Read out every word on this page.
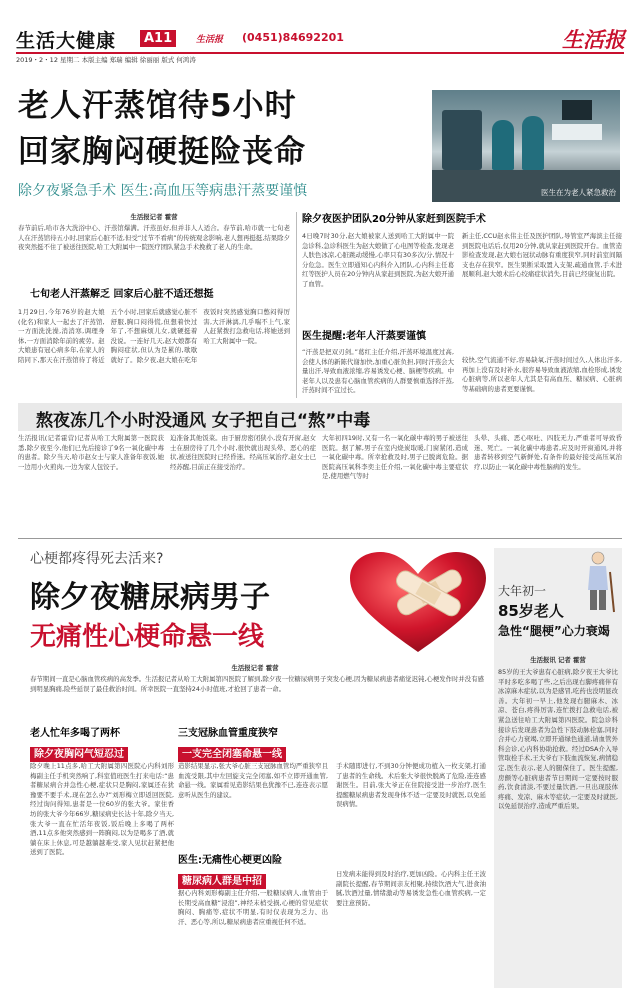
生活大健康	A11	生活报 (0451)84692201	生活报
2019・2・12 星期二 本版主编 郑瑞 编辑 徐丽丽 版式 何鸿涛
老人汗蒸馆待5小时
回家胸闷硬挺险丧命
除夕夜紧急手术 医生:高血压等病患汗蒸要谨慎	医生在为老人紧急救治
生活报记者 霍营
春节前后,哈市各大洗浴中心、汗蒸馆爆满。汗蒸虽好,但并非人人适合。春节前,哈市就一七旬老人在汗蒸馆待五小时,回家后心脏不适,但受“过节不看病”的传统观念影响,老人想再挺挺,结果除夕夜突然挺不住了被送往医院,哈工大附属中一院医疗团队紧急手术挽救了老人的生命。
七旬老人汗蒸解乏 回家后心脏不适还想挺
1月29日,今年76岁的赵大娘(化名)和家人一起去了汗蒸馆,一方面洗洗澡,消消寒,调理身体,一方面消除年前的疲劳。赵大娘患有冠心病多年,在家人的陪同下,那天在汗蒸馆待了将近五个小时,回家后就感觉心脏不舒服,胸口闷得慌,但想着快过年了,不想麻烦儿女,就硬挺着没说。一连好几天,赵大娘都有胸闷症状,但认为是累的,歇歇就好了。除夕夜,赵大娘在吃年夜饭时突然感觉胸口憋闷得厉害,大汗淋漓,几乎喘不上气,家人赶紧拨打急救电话,将她送到哈工大附属中一院。
除夕夜医护团队20分钟从家赶到医院手术
4日晚7时30分,赵大娘被家人送到哈工大附属中一院急诊科,急诊科医生为赵大娘做了心电图等检查,发现老人肤色冰凉,心脏跳动缓慢,心率只有30多次/分,情况十分危急。医生立即通知心内科介入团队,心内科主任葛红等医护人员在20分钟内从家赶到医院,为赵大娘开通了血管。
新主任,CCU赵永伟主任及医护团队,导管室严海滨主任接到医院电话后,仅用20分钟,就从家赶到医院开台。血管造影检查发现,赵大娘右冠状动脉有重度狭窄,同时前室间隔支也存在狭窄。医生果断采取置入支架,疏通血管,手术进展顺利,赵大娘术后心绞痛症状消失,目前已经康复出院。
医生提醒:老年人汗蒸要谨慎
“汗蒸是把双刃剑。”葛红主任介绍,汗蒸环境温度过高,会使人体的新陈代谢加快,加重心脏负担,同时汗蒸会大量出汗,导致血液浓缩,容易诱发心梗、脑梗等疾病。中老年人以及患有心脑血管疾病的人群要慎重选择汗蒸,汗蒸时间不宜过长。
较快,空气流通不好,容易缺氧,汗蒸时间过久,人体出汗多,再加上没有及时补水,很容易导致血液浓缩,血栓形成,诱发心脏病等,所以老年人尤其是有高血压、糖尿病、心脏病等基础病的患者更要谨慎。
熬夜冻几个小时没通风 女子把自己“熬”中毒
生活报讯(记者霍营)记者从哈工大附属第一医院获悉,除夕夜至今,他们已先后接诊了9名一氧化碳中毒的患者。除夕当天,哈市赵女士与家人准备年夜饭,她一边用小火煎肉,一边为家人包饺子。
迫准备其他饭菜。由于厨房密闭狭小,没有开窗,赵女士在厨房待了几个小时,很快就出现头晕、恶心的症状,被送往医院时已经昏迷。经高压氧治疗,赵女士已经苏醒,目前正在接受治疗。
大年初四19时,又有一名一氧化碳中毒的男子被送往医院。据了解,男子在室内烧炭取暖,门窗紧闭,造成一氧化碳中毒。所幸抢救及时,男子已脱离危险。据医院高压氧科李奕主任介绍,一氧化碳中毒主要症状是,使用燃气等时
头晕、头痛、恶心呕吐、四肢无力,严重者可导致昏迷、死亡。一氧化碳中毒患者,应及时开窗通风,并将患者转移到空气新鲜处,有条件的最好接受高压氧治疗,以防止一氧化碳中毒性脑病的发生。
心梗都疼得死去活来?
除夕夜糖尿病男子
无痛性心梗命悬一线
大年初一
85岁老人
急性“腿梗”心力衰竭
生活报讯 记者 霍营
85岁的王大爷患有心脏病,除夕夜王大爷比平时多吃多喝了些,之后出现右脚疼痛伴有冰凉麻木症状,以为是感冒,吃药也没明显改善。大年初一早上,他发现右腿麻木、冰凉、苍白,疼得厉害,连忙拨打急救电话,被紧急送往哈工大附属第四医院。院急诊科接诊后发现患者为急性下肢动脉栓塞,同时合并心力衰竭,立即开通绿色通道,请血管外科会诊,心内科协助抢救。经过DSA介入导管取栓手术,王大爷右下肢血流恢复,病情稳定,医生表示,老人的腿保住了。医生提醒,房颤等心脏病患者节日期间一定要按时服药,饮食清淡,不要过量饮酒,一旦出现肢体疼痛、发凉、麻木等症状,一定要及时就医,以免延误治疗,造成严重后果。
生活报记者 霍营
春节期间一直是心脑血管疾病的高发季。生活报记者从哈工大附属第四医院了解到,除夕夜一位糖尿病男子突发心梗,因为糖尿病患者痛觉迟钝,心梗发作时并没有感到明显胸痛,险些延误了最佳救治时间。所幸医院一直坚持24小时值班,才抢回了患者一命。
老人忙年多喝了两杯
除夕夜胸闷气短忍过
除夕晚上11点多,哈工大附属第四医院心内科刘形梅副主任手机突然响了,科室值班医生打来电话:“患者糖尿病合并急性心梗,症状只是胸闷,家属还在犹豫要不要手术,现在怎么办?”刘形梅立即返回医院,经过询问得知,患者是一位60岁的张大爷。家住香坊的张大爷今年66岁,糖尿病史长达十年,除夕当天,张大爷一直在忙活年夜饭,饭后晚上多喝了两杯酒,11点多他突然感到一阵胸闷,以为是喝多了酒,就躺在床上休息,可是越躺越难受,家人见状赶紧把他送到了医院。
三支冠脉血管重度狭窄
一支完全闭塞命悬一线
造影结果显示,张大爷心脏三支冠脉血管均严重狭窄且血流受限,其中左回旋支完全闭塞,如不立即开通血管,命悬一线。家属看见造影结果也犹豫不已,连连表示愿意听从医生的建议。
医生:无痛性心梗更凶险
糖尿病人群是中招
据心内科刘形梅副主任介绍,一般糖尿病人,血管由于长期受高血糖“浸泡”,神经末梢受损,心梗的常见症状胸闷、胸痛等,症状不明显,有时仅表现为乏力、出汗、恶心等,所以,糖尿病患者应重视任何不适。
手术随即进行,不到30分钟便成功植入一枚支架,打通了患者的生命线。术后张大爷很快脱离了危险,连连感谢医生。目前,张大爷正在住院接受进一步治疗,医生提醒糖尿病患者发现身体不适一定要及时就医,以免延误病情。
日发病未能得到及时治疗,更加凶险。心内科主任王波副院长提醒,春节期间亲友相聚,持续饮酒大气,进食油腻,饮酒过量,情绪激动等易诱发急性心血管疾病,一定要注意预防。
